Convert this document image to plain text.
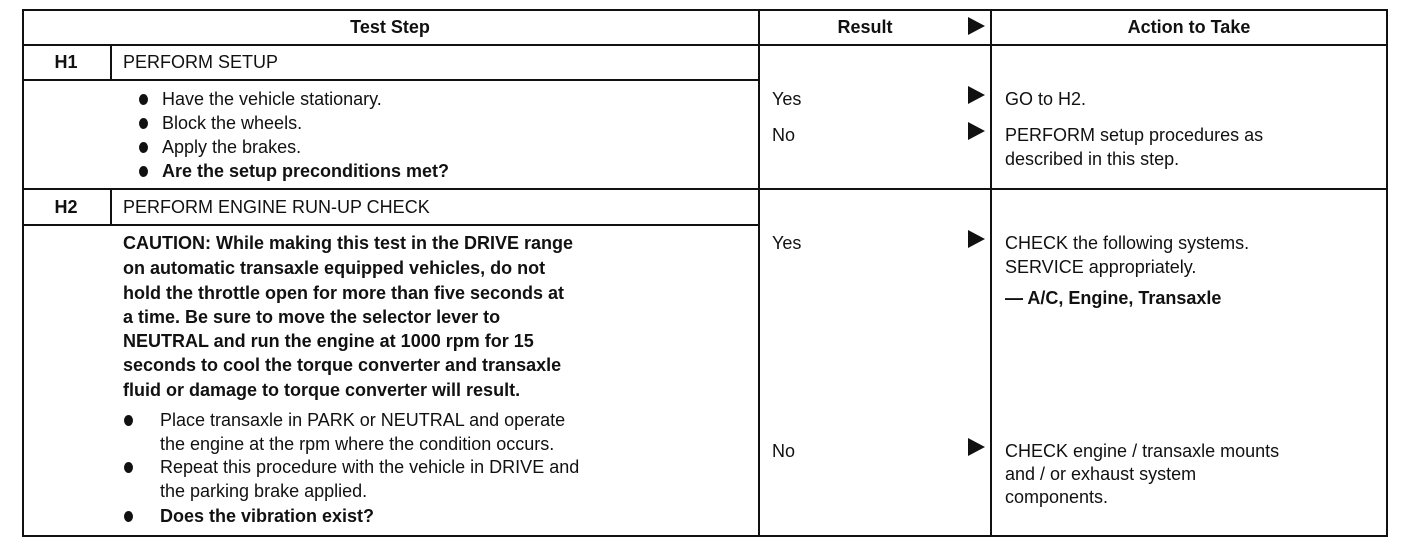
Test Step	Result	Action to Take
H1	PERFORM SETUP
Have the vehicle stationary.
Block the wheels.
Apply the brakes.
Are the setup preconditions met?
Yes	GO to H2.
No	PERFORM setup procedures as
described in this step.
H2	PERFORM ENGINE RUN-UP CHECK
CAUTION: While making this test in the DRIVE range
on automatic transaxle equipped vehicles, do not
hold the throttle open for more than five seconds at
a time. Be sure to move the selector lever to
NEUTRAL and run the engine at 1000 rpm for 15
seconds to cool the torque converter and transaxle
fluid or damage to torque converter will result.
Place transaxle in PARK or NEUTRAL and operate
the engine at the rpm where the condition occurs.
Repeat this procedure with the vehicle in DRIVE and
the parking brake applied.
Does the vibration exist?
Yes	CHECK the following systems.
SERVICE appropriately.
— A/C, Engine, Transaxle
No	CHECK engine / transaxle mounts
and / or exhaust system
components.
